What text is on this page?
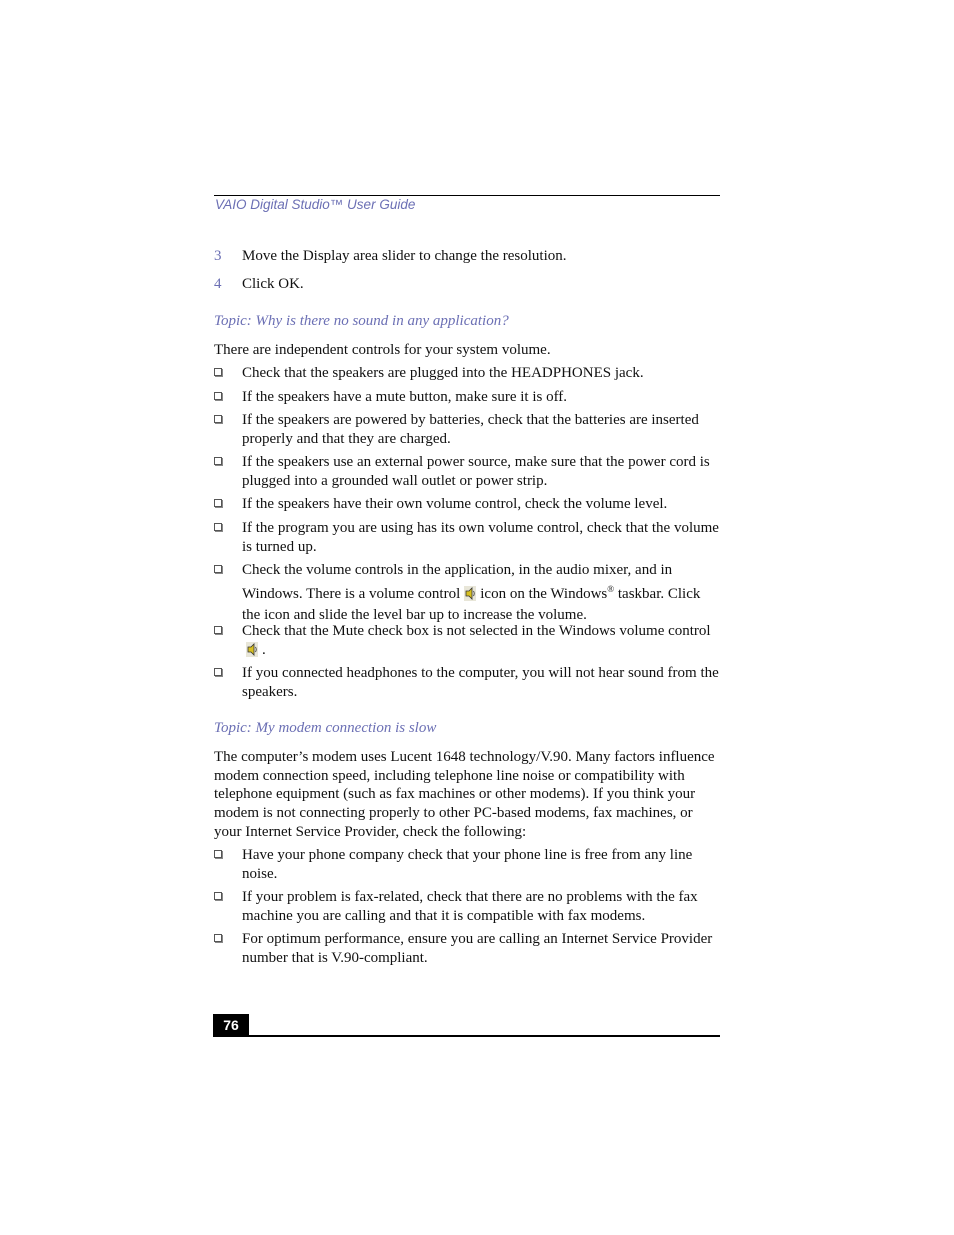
VAIO Digital Studio™ User Guide
3 Move the Display area slider to change the resolution.
4 Click OK.
Topic: Why is there no sound in any application?
There are independent controls for your system volume.
Check that the speakers are plugged into the HEADPHONES jack.
If the speakers have a mute button, make sure it is off.
If the speakers are powered by batteries, check that the batteries are inserted properly and that they are charged.
If the speakers use an external power source, make sure that the power cord is plugged into a grounded wall outlet or power strip.
If the speakers have their own volume control, check the volume level.
If the program you are using has its own volume control, check that the volume is turned up.
Check the volume controls in the application, in the audio mixer, and in Windows. There is a volume control icon on the Windows® taskbar. Click the icon and slide the level bar up to increase the volume.
Check that the Mute check box is not selected in the Windows volume control.
If you connected headphones to the computer, you will not hear sound from the speakers.
Topic: My modem connection is slow
The computer’s modem uses Lucent 1648 technology/V.90. Many factors influence modem connection speed, including telephone line noise or compatibility with telephone equipment (such as fax machines or other modems). If you think your modem is not connecting properly to other PC-based modems, fax machines, or your Internet Service Provider, check the following:
Have your phone company check that your phone line is free from any line noise.
If your problem is fax-related, check that there are no problems with the fax machine you are calling and that it is compatible with fax modems.
For optimum performance, ensure you are calling an Internet Service Provider number that is V.90-compliant.
76
